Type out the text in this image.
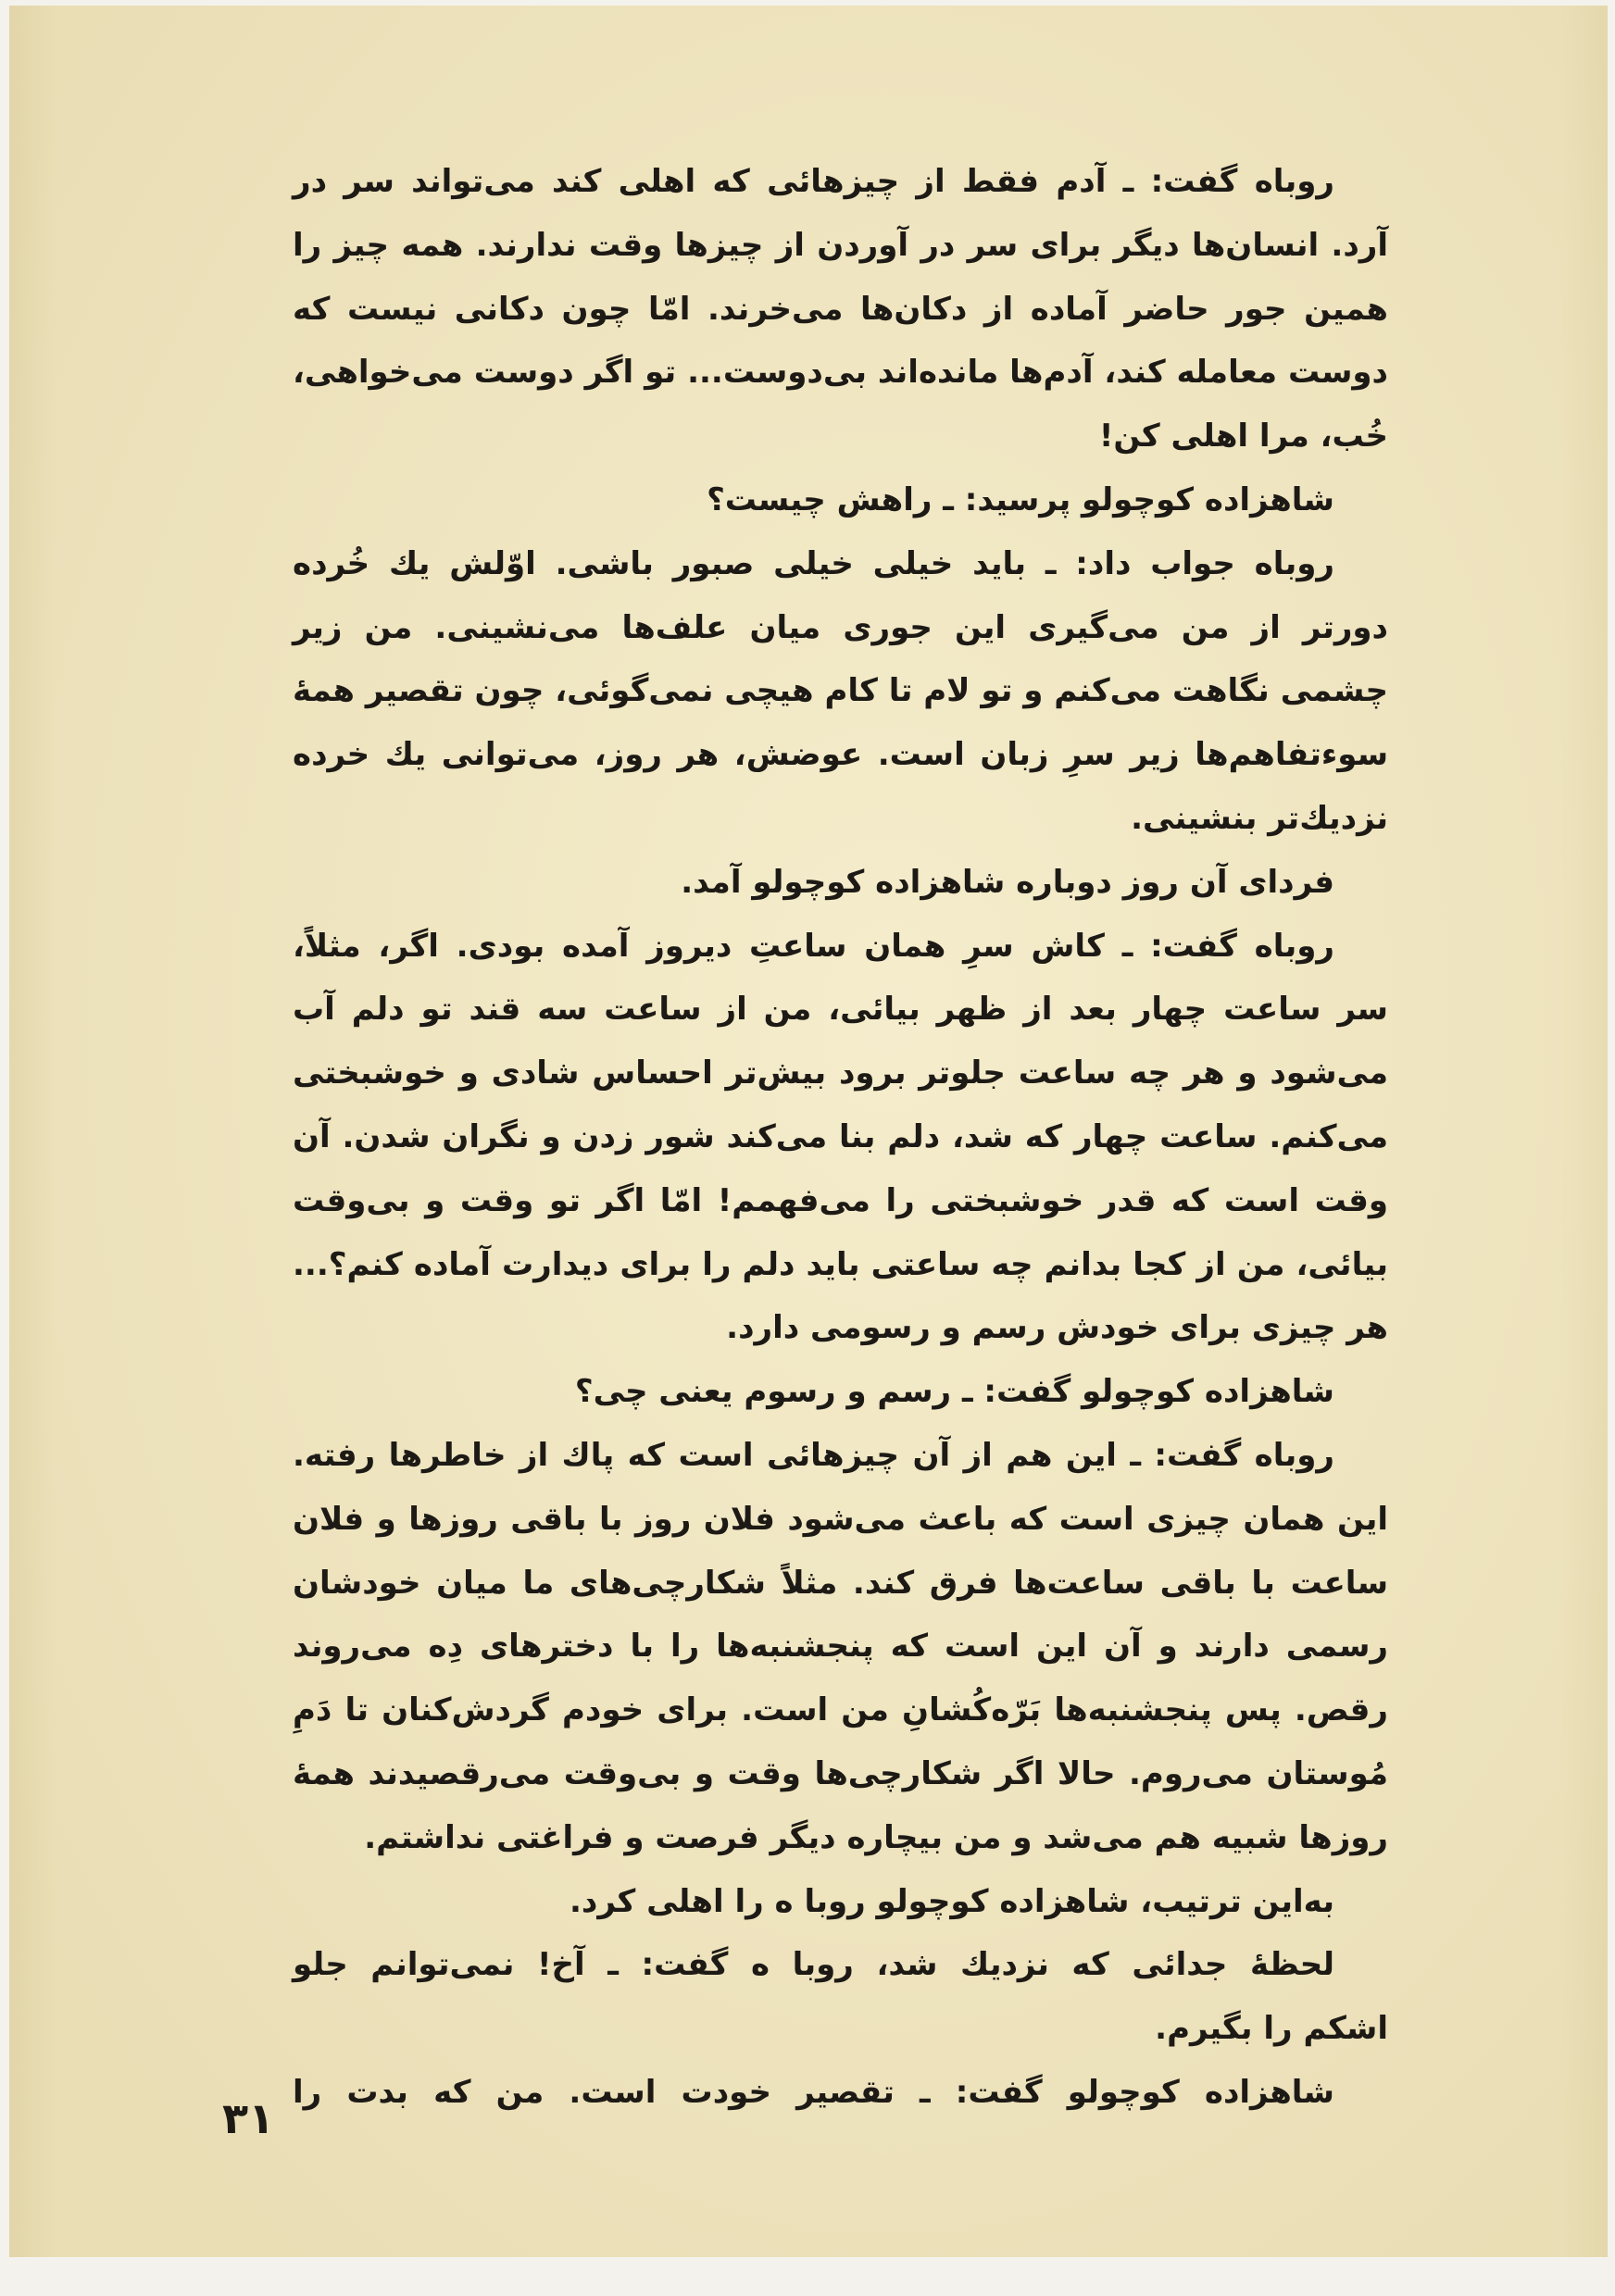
روباه گفت: ـ آدم فقط از چیزهائی که اهلی کند می‌تواند سر در
آرد. انسان‌ها دیگر برای سر در آوردن از چیزها وقت ندارند. همه چیز را
همین جور حاضر آماده از دکان‌ها می‌خرند. امّا چون دکانی نیست که
دوست معامله کند، آدم‌ها مانده‌اند بی‌دوست... تو اگر دوست می‌خواهی،
خُب، مرا اهلی کن!
شاهزاده کوچولو پرسید: ـ راهش چیست؟
روباه جواب داد: ـ باید خیلی خیلی صبور باشی. اوّلش یك خُرده
دورتر از من می‌گیری این جوری میان علف‌ها می‌نشینی. من زیر
چشمی نگاهت می‌کنم و تو لام تا کام هیچی نمی‌گوئی، چون تقصیر همهٔ
سوءتفاهم‌ها زیر سرِ زبان است. عوضش، هر روز، می‌توانی یك خرده
نزدیك‌تر بنشینی.
فردای آن روز دوباره شاهزاده کوچولو آمد.
روباه گفت: ـ کاش سرِ همان ساعتِ دیروز آمده بودی. اگر، مثلاً،
سر ساعت چهار بعد از ظهر بیائی، من از ساعت سه قند تو دلم آب
می‌شود و هر چه ساعت جلوتر برود بیش‌تر احساس شادی و خوشبختی
می‌کنم. ساعت چهار که شد، دلم بنا می‌کند شور زدن و نگران شدن. آن
وقت است که قدر خوشبختی را می‌فهمم! امّا اگر تو وقت و بی‌وقت
بیائی، من از کجا بدانم چه ساعتی باید دلم را برای دیدارت آماده کنم؟...
هر چیزی برای خودش رسم و رسومی دارد.
شاهزاده کوچولو گفت: ـ رسم و رسوم یعنی چی؟
روباه گفت: ـ این هم از آن چیزهائی است که پاك از خاطرها رفته.
این همان چیزی است که باعث می‌شود فلان روز با باقی روزها و فلان
ساعت با باقی ساعت‌ها فرق کند. مثلاً شکارچی‌های ما میان خودشان
رسمی دارند و آن این است که پنجشنبه‌ها را با دخترهای دِه می‌روند
رقص. پس پنجشنبه‌ها بَرّه‌کُشانِ من است. برای خودم گردش‌کنان تا دَمِ
مُوستان می‌روم. حالا اگر شکارچی‌ها وقت و بی‌وقت می‌رقصیدند همهٔ
روزها شبیه هم می‌شد و من بیچاره دیگر فرصت و فراغتی نداشتم.
به‌این ترتیب، شاهزاده کوچولو روبا ه را اهلی کرد.
لحظهٔ جدائی که نزدیك شد، روبا ه گفت: ـ آخ! نمی‌توانم جلو
اشکم را بگیرم.
شاهزاده کوچولو گفت: ـ تقصیر خودت است. من که بدت را
۳۱
